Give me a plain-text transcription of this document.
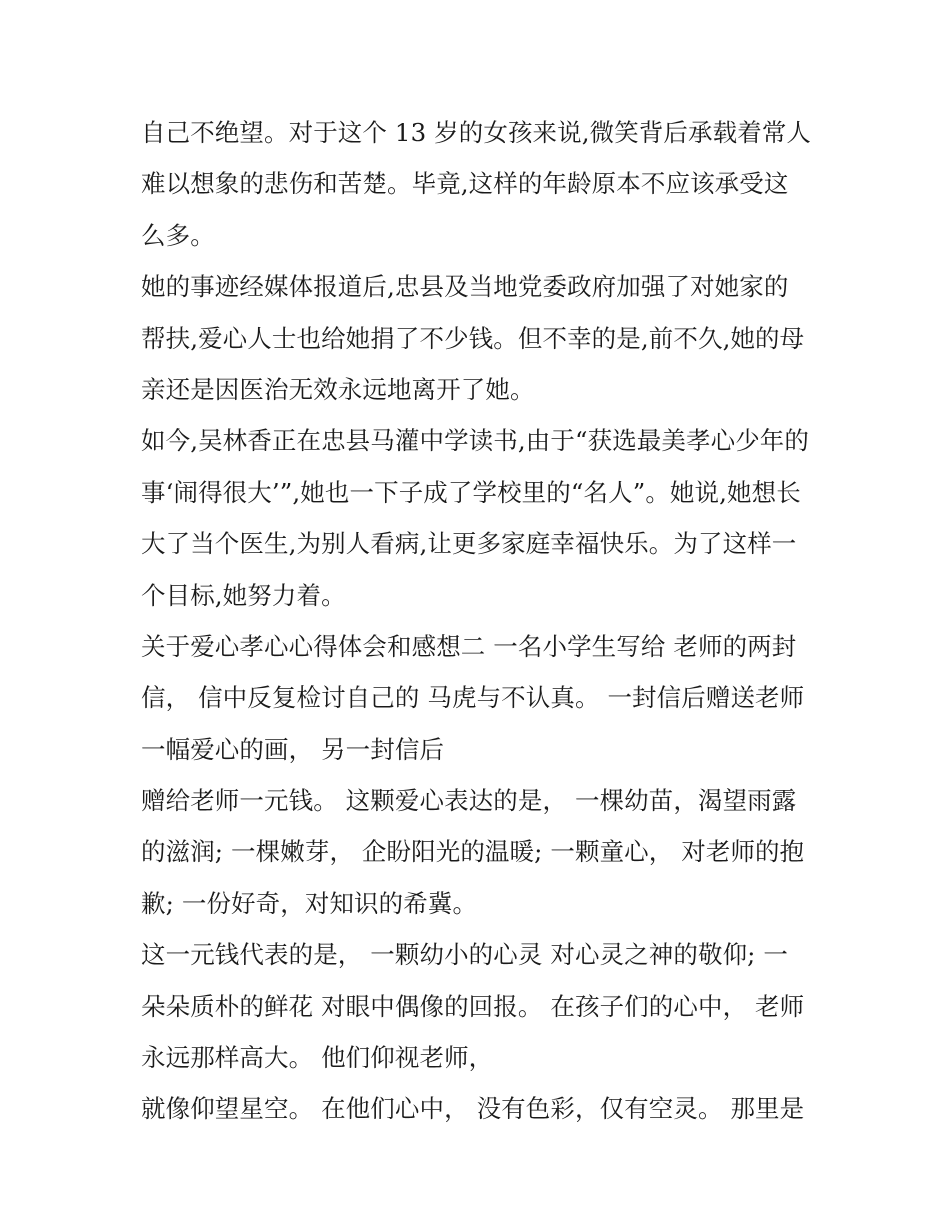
自己不绝望。对于这个 13 岁的女孩来说,微笑背后承载着常人
难以想象的悲伤和苦楚。毕竟,这样的年龄原本不应该承受这
么多。
她的事迹经媒体报道后,忠县及当地党委政府加强了对她家的
帮扶,爱心人士也给她捐了不少钱。但不幸的是,前不久,她的母
亲还是因医治无效永远地离开了她。
如今,吴林香正在忠县马灌中学读书,由于“获选最美孝心少年的
事‘闹得很大’”,她也一下子成了学校里的“名人”。她说,她想长
大了当个医生,为别人看病,让更多家庭幸福快乐。为了这样一
个目标,她努力着。
关于爱心孝心心得体会和感想二 一名小学生写给 老师的两封
信， 信中反复检讨自己的 马虎与不认真。 一封信后赠送老师
一幅爱心的画， 另一封信后
赠给老师一元钱。 这颗爱心表达的是， 一棵幼苗，渴望雨露
的滋润; 一棵嫩芽， 企盼阳光的温暖; 一颗童心， 对老师的抱
歉; 一份好奇，对知识的希冀。
这一元钱代表的是， 一颗幼小的心灵 对心灵之神的敬仰; 一
朵朵质朴的鲜花 对眼中偶像的回报。 在孩子们的心中， 老师
永远那样高大。 他们仰视老师，
就像仰望星空。 在他们心中， 没有色彩，仅有空灵。 那里是
